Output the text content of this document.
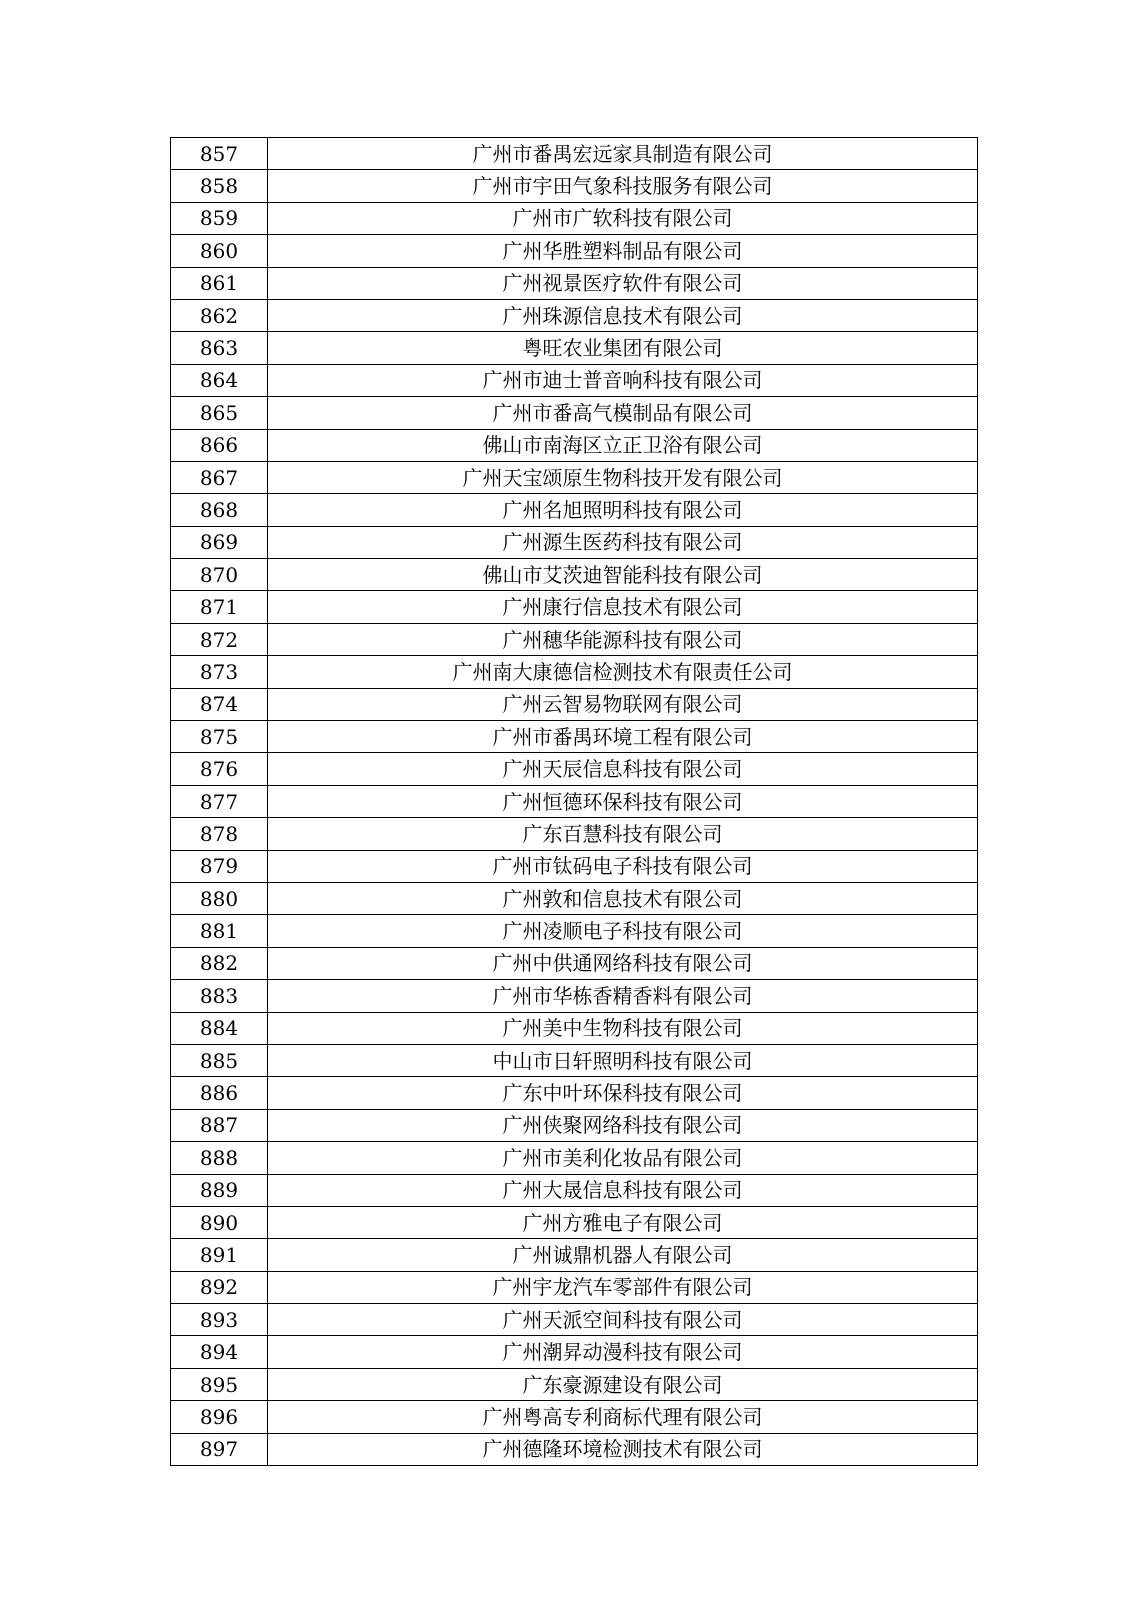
857	广州市番禺宏远家具制造有限公司
858	广州市宇田气象科技服务有限公司
859	广州市广软科技有限公司
860	广州华胜塑料制品有限公司
861	广州视景医疗软件有限公司
862	广州珠源信息技术有限公司
863	粤旺农业集团有限公司
864	广州市迪士普音响科技有限公司
865	广州市番高气模制品有限公司
866	佛山市南海区立正卫浴有限公司
867	广州天宝颂原生物科技开发有限公司
868	广州名旭照明科技有限公司
869	广州源生医药科技有限公司
870	佛山市艾茨迪智能科技有限公司
871	广州康行信息技术有限公司
872	广州穗华能源科技有限公司
873	广州南大康德信检测技术有限责任公司
874	广州云智易物联网有限公司
875	广州市番禺环境工程有限公司
876	广州天辰信息科技有限公司
877	广州恒德环保科技有限公司
878	广东百慧科技有限公司
879	广州市钛码电子科技有限公司
880	广州敦和信息技术有限公司
881	广州凌顺电子科技有限公司
882	广州中供通网络科技有限公司
883	广州市华栋香精香料有限公司
884	广州美中生物科技有限公司
885	中山市日轩照明科技有限公司
886	广东中叶环保科技有限公司
887	广州侠聚网络科技有限公司
888	广州市美利化妆品有限公司
889	广州大晟信息科技有限公司
890	广州方雅电子有限公司
891	广州诚鼎机器人有限公司
892	广州宇龙汽车零部件有限公司
893	广州天派空间科技有限公司
894	广州潮昇动漫科技有限公司
895	广东豪源建设有限公司
896	广州粤高专利商标代理有限公司
897	广州德隆环境检测技术有限公司
